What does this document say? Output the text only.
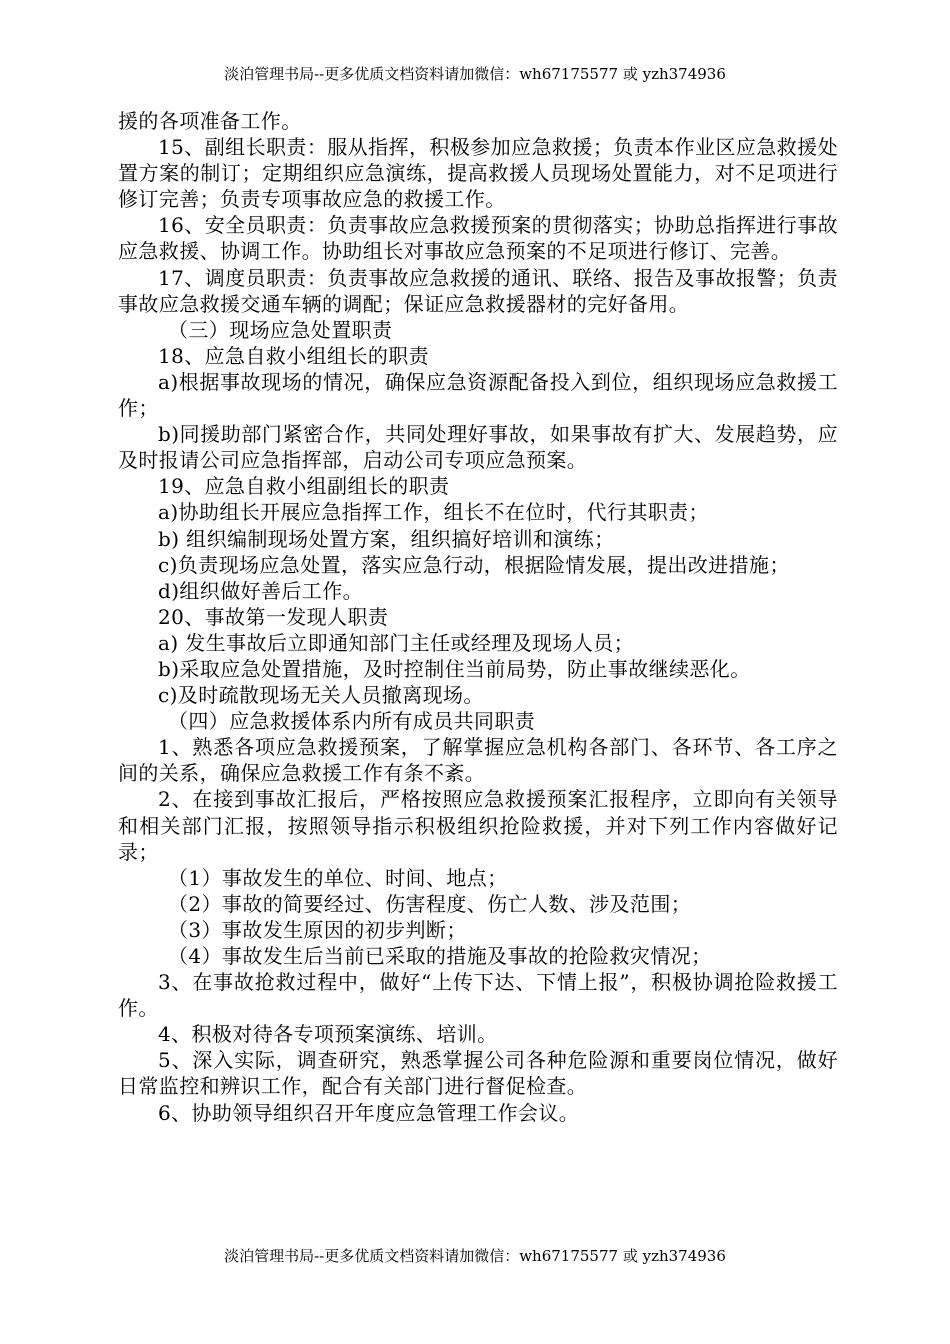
淡泊管理书局--更多优质文档资料请加微信：wh67175577 或 yzh374936

援的各项准备工作。

15、副组长职责：服从指挥，积极参加应急救援；负责本作业区应急救援处置方案的制订；定期组织应急演练，提高救援人员现场处置能力，对不足项进行修订完善；负责专项事故应急的救援工作。

16、安全员职责：负责事故应急救援预案的贯彻落实；协助总指挥进行事故应急救援、协调工作。协助组长对事故应急预案的不足项进行修订、完善。

17、调度员职责：负责事故应急救援的通讯、联络、报告及事故报警；负责事故应急救援交通车辆的调配；保证应急救援器材的完好备用。

（三）现场应急处置职责

18、应急自救小组组长的职责

a)根据事故现场的情况，确保应急资源配备投入到位，组织现场应急救援工作；

b)同援助部门紧密合作，共同处理好事故，如果事故有扩大、发展趋势，应及时报请公司应急指挥部，启动公司专项应急预案。

19、应急自救小组副组长的职责

a)协助组长开展应急指挥工作，组长不在位时，代行其职责；

b) 组织编制现场处置方案，组织搞好培训和演练；

c)负责现场应急处置，落实应急行动，根据险情发展，提出改进措施；

d)组织做好善后工作。

20、事故第一发现人职责

a) 发生事故后立即通知部门主任或经理及现场人员；

b)采取应急处置措施，及时控制住当前局势，防止事故继续恶化。

c)及时疏散现场无关人员撤离现场。

（四）应急救援体系内所有成员共同职责

1、熟悉各项应急救援预案，了解掌握应急机构各部门、各环节、各工序之间的关系，确保应急救援工作有条不紊。

2、在接到事故汇报后，严格按照应急救援预案汇报程序，立即向有关领导和相关部门汇报，按照领导指示积极组织抢险救援，并对下列工作内容做好记录；

（1）事故发生的单位、时间、地点；

（2）事故的简要经过、伤害程度、伤亡人数、涉及范围；

（3）事故发生原因的初步判断；

（4）事故发生后当前已采取的措施及事故的抢险救灾情况；

3、在事故抢救过程中，做好“上传下达、下情上报”，积极协调抢险救援工作。

4、积极对待各专项预案演练、培训。

5、深入实际，调查研究，熟悉掌握公司各种危险源和重要岗位情况，做好日常监控和辨识工作，配合有关部门进行督促检查。

6、协助领导组织召开年度应急管理工作会议。

淡泊管理书局--更多优质文档资料请加微信：wh67175577 或 yzh374936
